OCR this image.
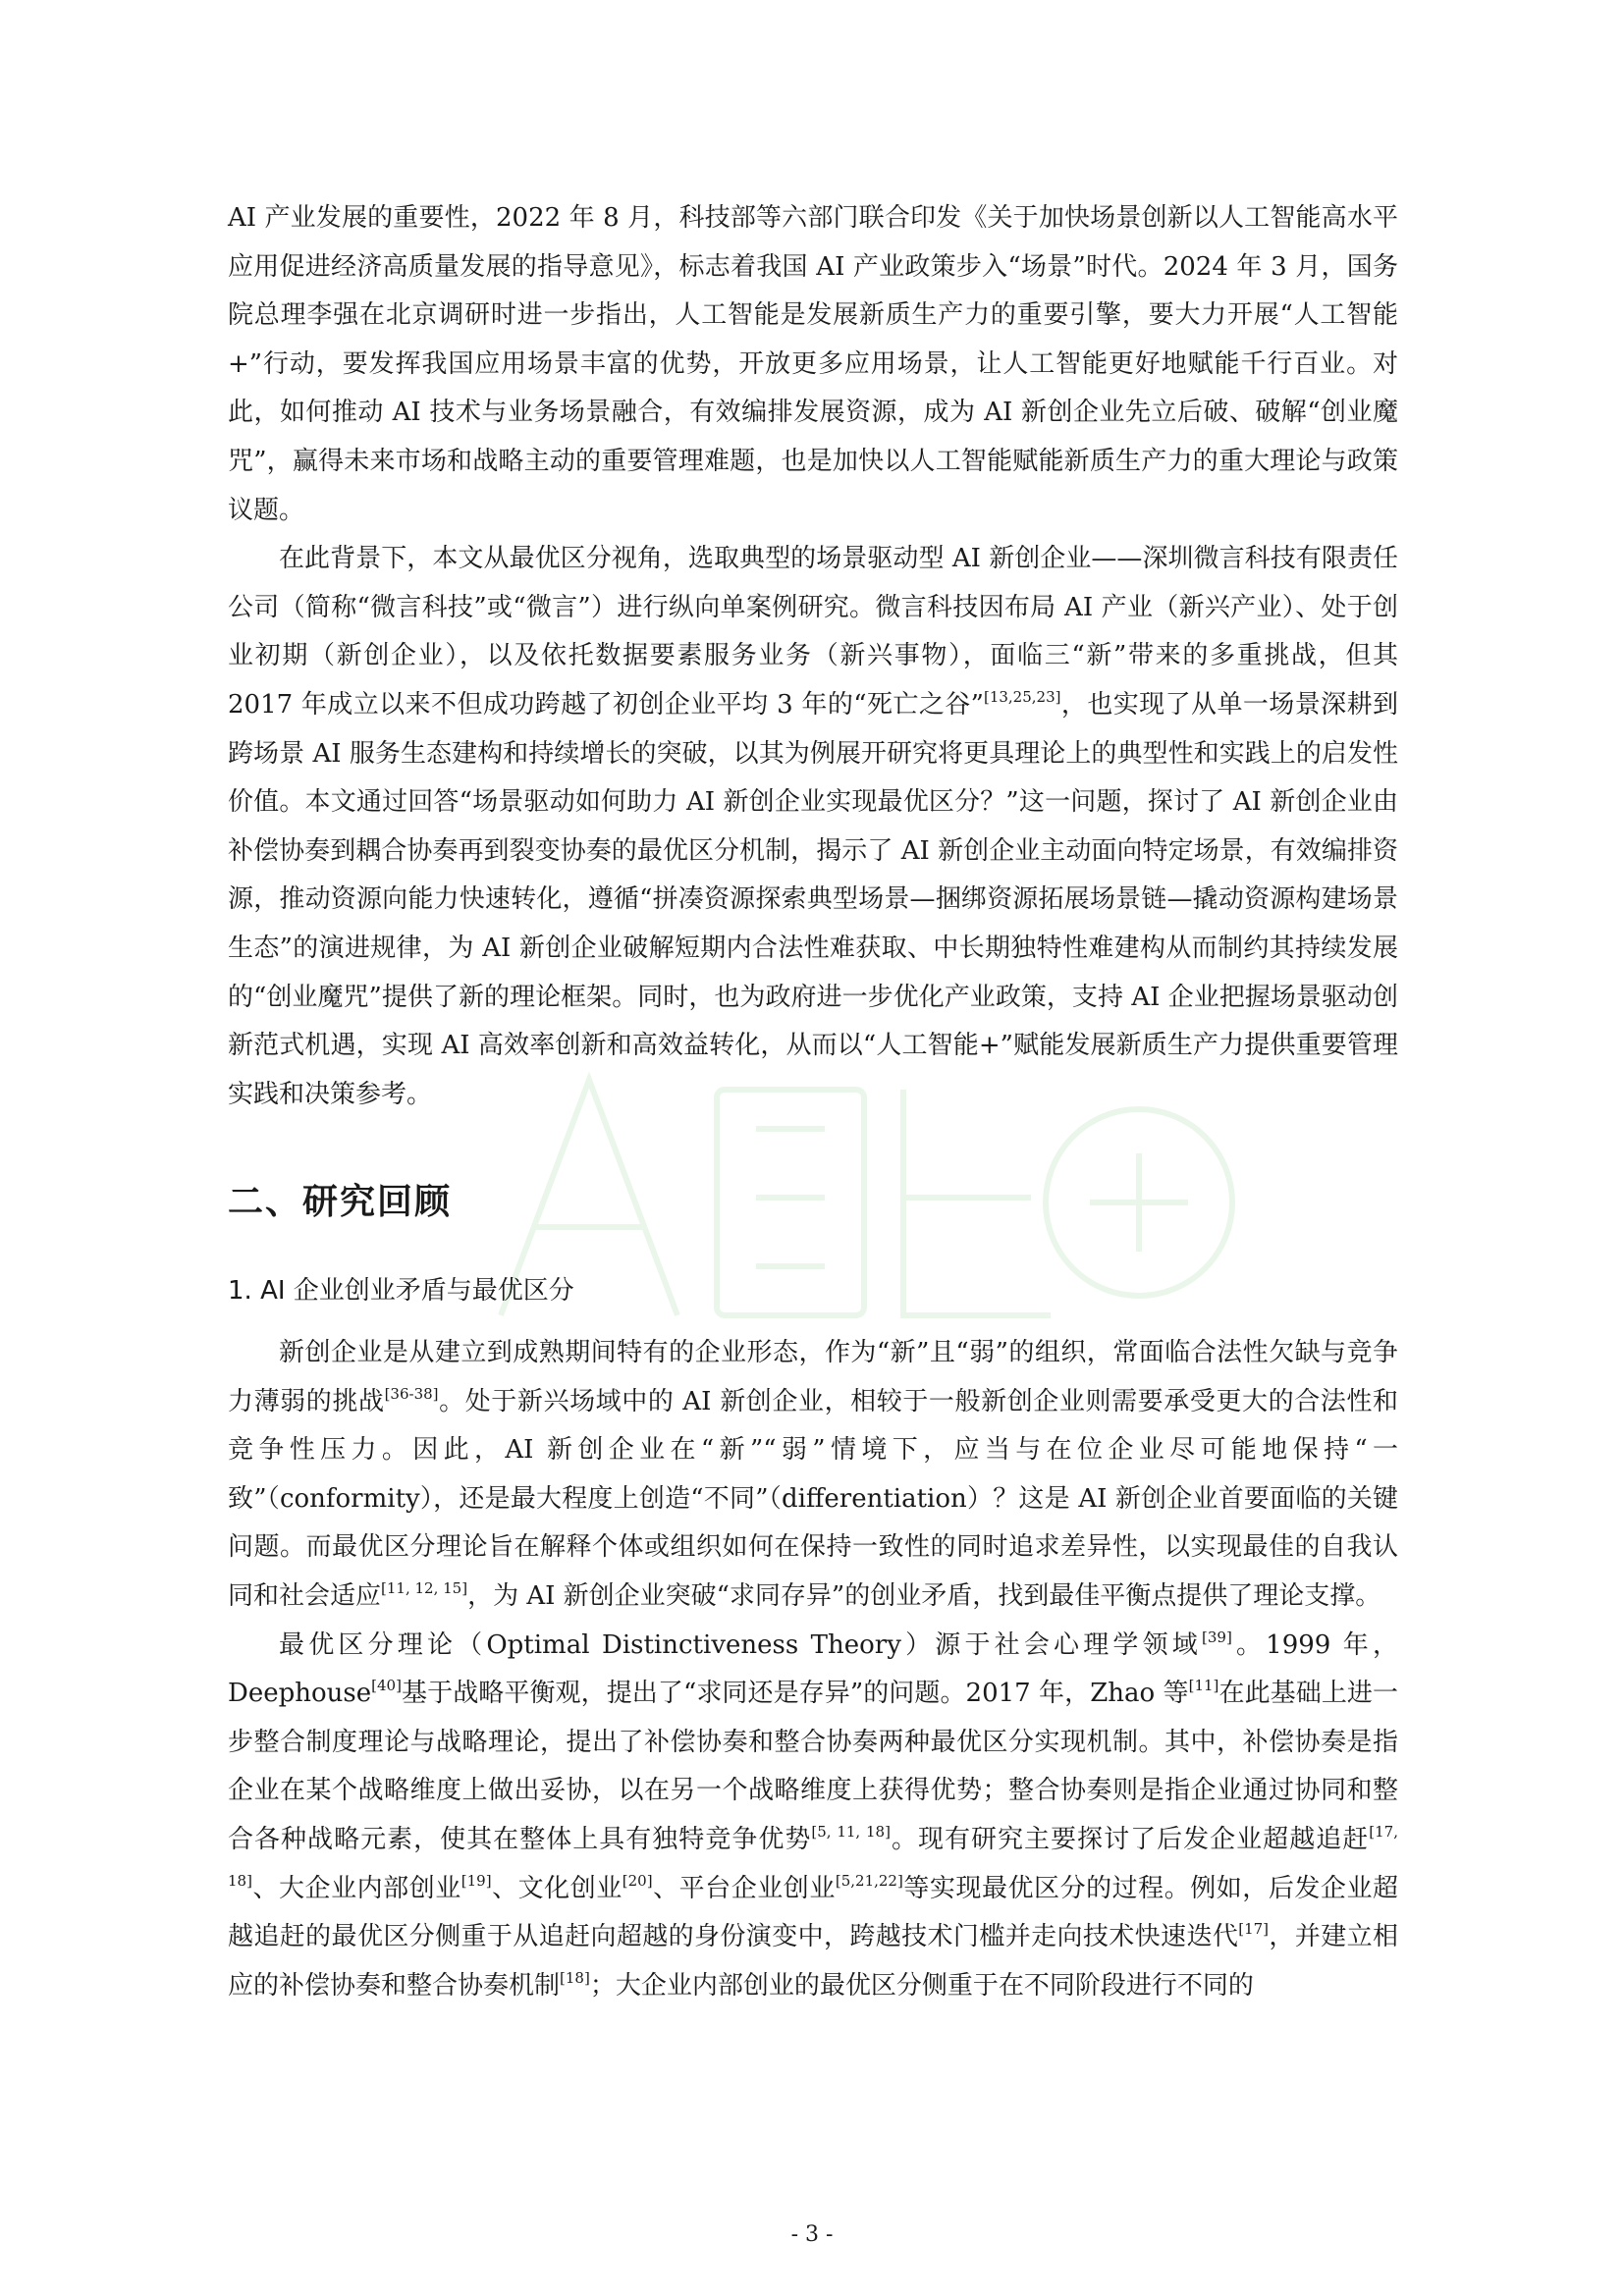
AI 产业发展的重要性，2022 年 8 月，科技部等六部门联合印发《关于加快场景创新以人工智能高水平应用促进经济高质量发展的指导意见》，标志着我国 AI 产业政策步入“场景”时代。2024 年 3 月，国务院总理李强在北京调研时进一步指出，人工智能是发展新质生产力的重要引擎，要大力开展“人工智能+”行动，要发挥我国应用场景丰富的优势，开放更多应用场景，让人工智能更好地赋能千行百业。对此，如何推动 AI 技术与业务场景融合，有效编排发展资源，成为 AI 新创企业先立后破、破解“创业魔咒”，赢得未来市场和战略主动的重要管理难题，也是加快以人工智能赋能新质生产力的重大理论与政策议题。

在此背景下，本文从最优区分视角，选取典型的场景驱动型 AI 新创企业——深圳微言科技有限责任公司（简称“微言科技”或“微言”）进行纵向单案例研究。微言科技因布局 AI 产业（新兴产业）、处于创业初期（新创企业），以及依托数据要素服务业务（新兴事物），面临三“新”带来的多重挑战，但其 2017 年成立以来不但成功跨越了初创企业平均 3 年的“死亡之谷”[13,25,23]，也实现了从单一场景深耕到跨场景 AI 服务生态建构和持续增长的突破，以其为例展开研究将更具理论上的典型性和实践上的启发性价值。本文通过回答“场景驱动如何助力 AI 新创企业实现最优区分？”这一问题，探讨了 AI 新创企业由补偿协奏到耦合协奏再到裂变协奏的最优区分机制，揭示了 AI 新创企业主动面向特定场景，有效编排资源，推动资源向能力快速转化，遵循“拼凑资源探索典型场景—捆绑资源拓展场景链—撬动资源构建场景生态”的演进规律，为 AI 新创企业破解短期内合法性难获取、中长期独特性难建构从而制约其持续发展的“创业魔咒”提供了新的理论框架。同时，也为政府进一步优化产业政策，支持 AI 企业把握场景驱动创新范式机遇，实现 AI 高效率创新和高效益转化，从而以“人工智能+”赋能发展新质生产力提供重要管理实践和决策参考。

二、研究回顾
1. AI 企业创业矛盾与最优区分

新创企业是从建立到成熟期间特有的企业形态，作为“新”且“弱”的组织，常面临合法性欠缺与竞争力薄弱的挑战[36-38]。处于新兴场域中的 AI 新创企业，相较于一般新创企业则需要承受更大的合法性和竞争性压力。因此，AI 新创企业在“新”“弱”情境下，应当与在位企业尽可能地保持“一致”（conformity），还是最大程度上创造“不同”（differentiation）？这是 AI 新创企业首要面临的关键问题。而最优区分理论旨在解释个体或组织如何在保持一致性的同时追求差异性，以实现最佳的自我认同和社会适应[11, 12, 15]，为 AI 新创企业突破“求同存异”的创业矛盾，找到最佳平衡点提供了理论支撑。

最优区分理论（Optimal Distinctiveness Theory）源于社会心理学领域[39]。1999 年，Deephouse[40]基于战略平衡观，提出了“求同还是存异”的问题。2017 年，Zhao 等[11]在此基础上进一步整合制度理论与战略理论，提出了补偿协奏和整合协奏两种最优区分实现机制。其中，补偿协奏是指企业在某个战略维度上做出妥协，以在另一个战略维度上获得优势；整合协奏则是指企业通过协同和整合各种战略元素，使其在整体上具有独特竞争优势[5, 11, 18]。现有研究主要探讨了后发企业超越追赶[17, 18]、大企业内部创业[19]、文化创业[20]、平台企业创业[5,21,22]等实现最优区分的过程。例如，后发企业超越追赶的最优区分侧重于从追赶向超越的身份演变中，跨越技术门槛并走向技术快速迭代[17]，并建立相应的补偿协奏和整合协奏机制[18]；大企业内部创业的最优区分侧重于在不同阶段进行不同的

- 3 -
